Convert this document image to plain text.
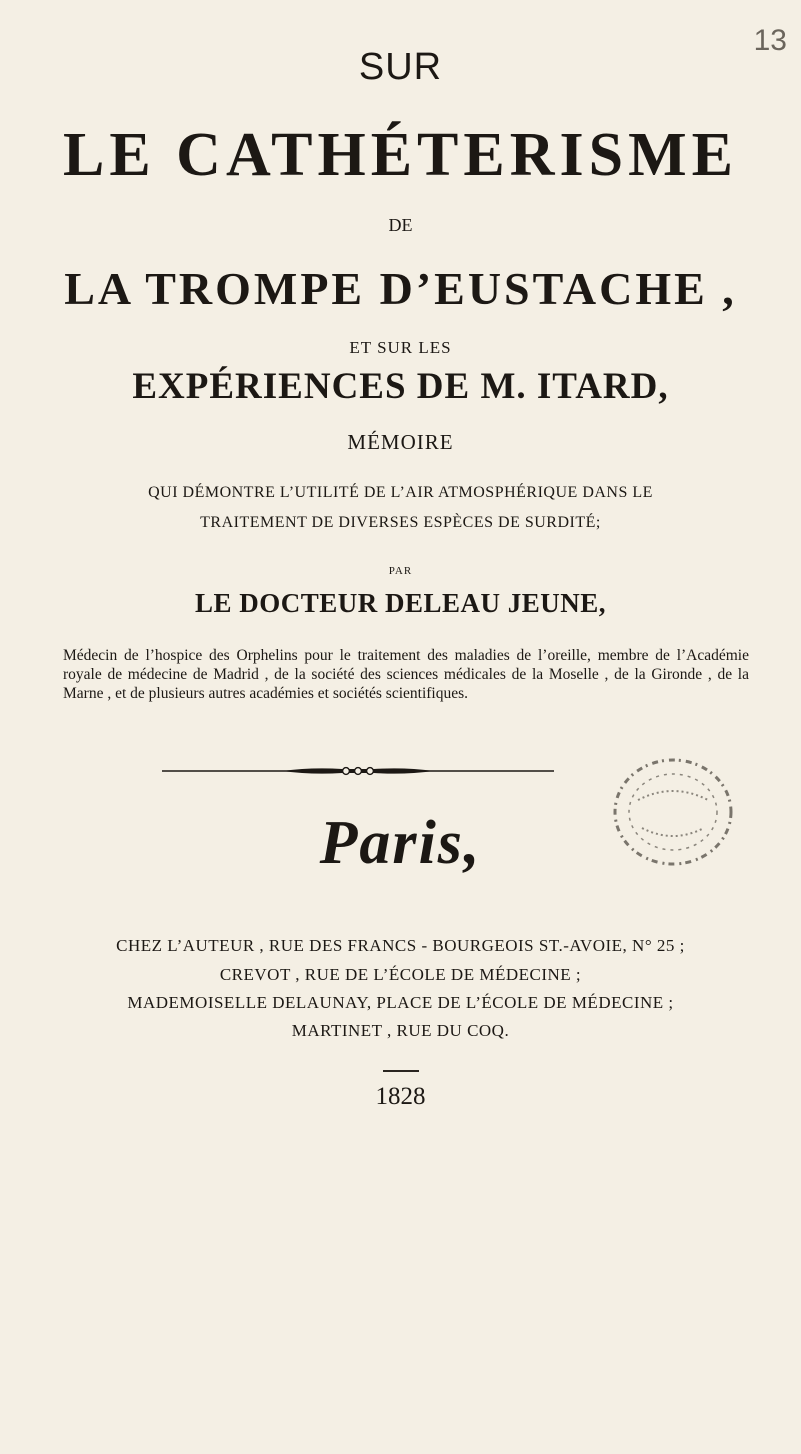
13
SUR
LE CATHÉTERISME
DE
LA TROMPE D’EUSTACHE ,
ET SUR LES
EXPÉRIENCES DE M. ITARD,
MÉMOIRE
QUI DÉMONTRE L’UTILITÉ DE L’AIR ATMOSPHÉRIQUE DANS LE
TRAITEMENT DE DIVERSES ESPÈCES DE SURDITÉ;
PAR
LE DOCTEUR DELEAU JEUNE,
Médecin de l’hospice des Orphelins pour le traitement des maladies de l’oreille, membre de l’Académie royale de médecine de Madrid , de la société des sciences médicales de la Moselle , de la Gironde , de la Marne , et de plusieurs autres académies et sociétés scientifiques.
Paris,
CHEZ L’AUTEUR , RUE DES FRANCS - BOURGEOIS ST.-AVOIE, N° 25 ;
CREVOT , RUE DE L’ÉCOLE DE MÉDECINE ;
MADEMOISELLE DELAUNAY, PLACE DE L’ÉCOLE DE MÉDECINE ;
MARTINET , RUE DU COQ.
1828
